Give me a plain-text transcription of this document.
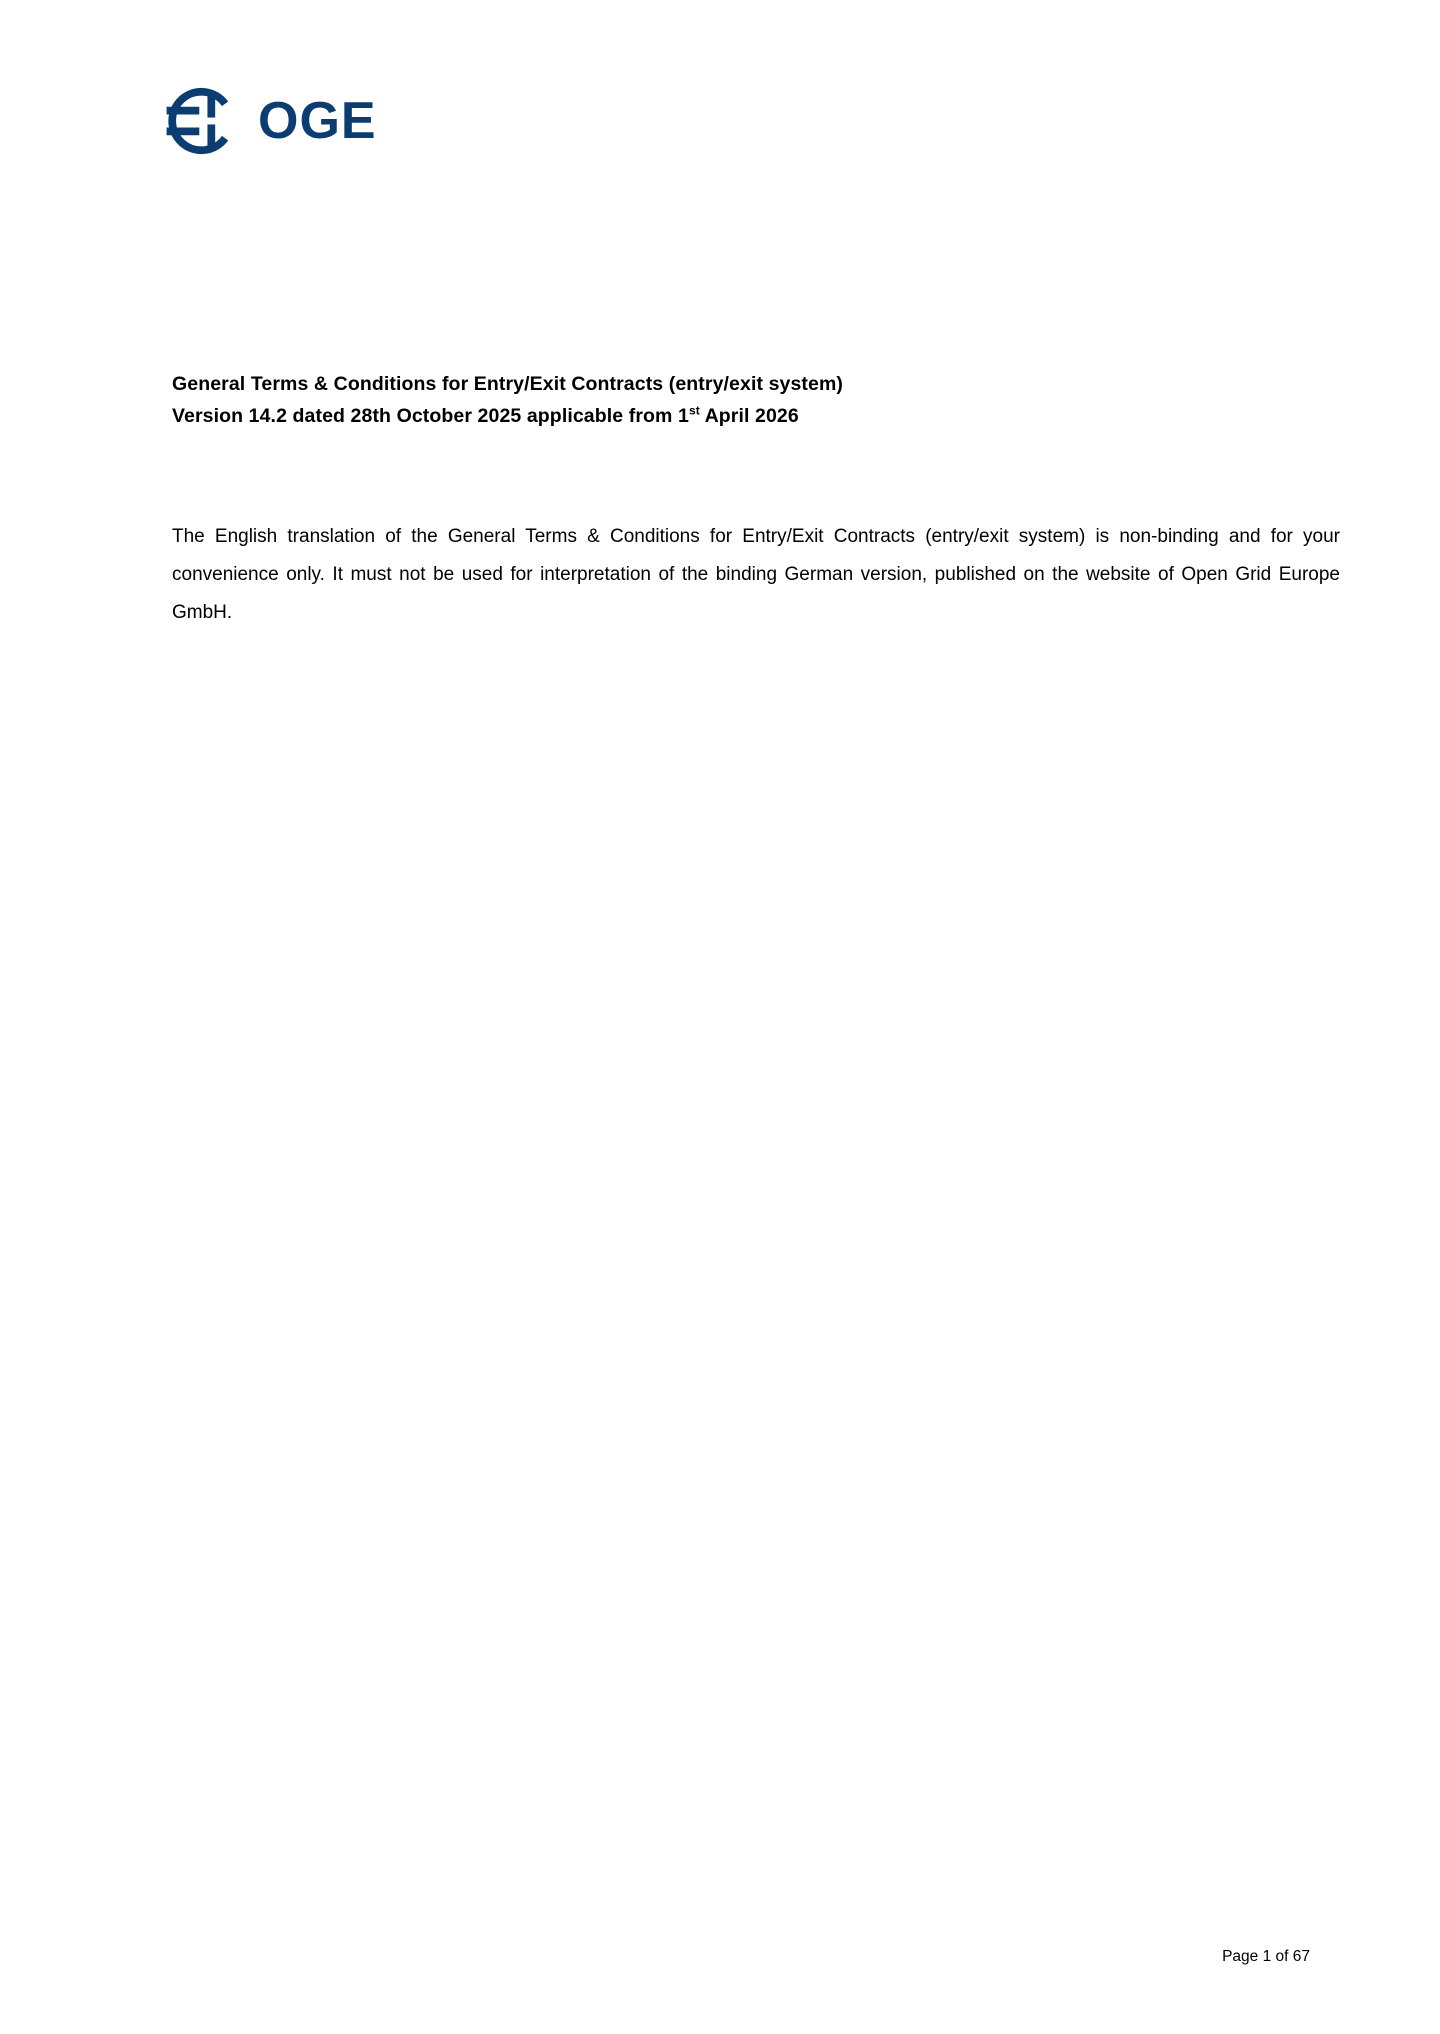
OGE
General Terms & Conditions for Entry/Exit Contracts (entry/exit system)
Version 14.2 dated 28th October 2025 applicable from 1st April 2026
The English translation of the General Terms & Conditions for Entry/Exit Contracts (entry/exit system) is non-binding and for your convenience only. It must not be used for interpretation of the binding German version, published on the website of Open Grid Europe GmbH.
Page 1 of 67
